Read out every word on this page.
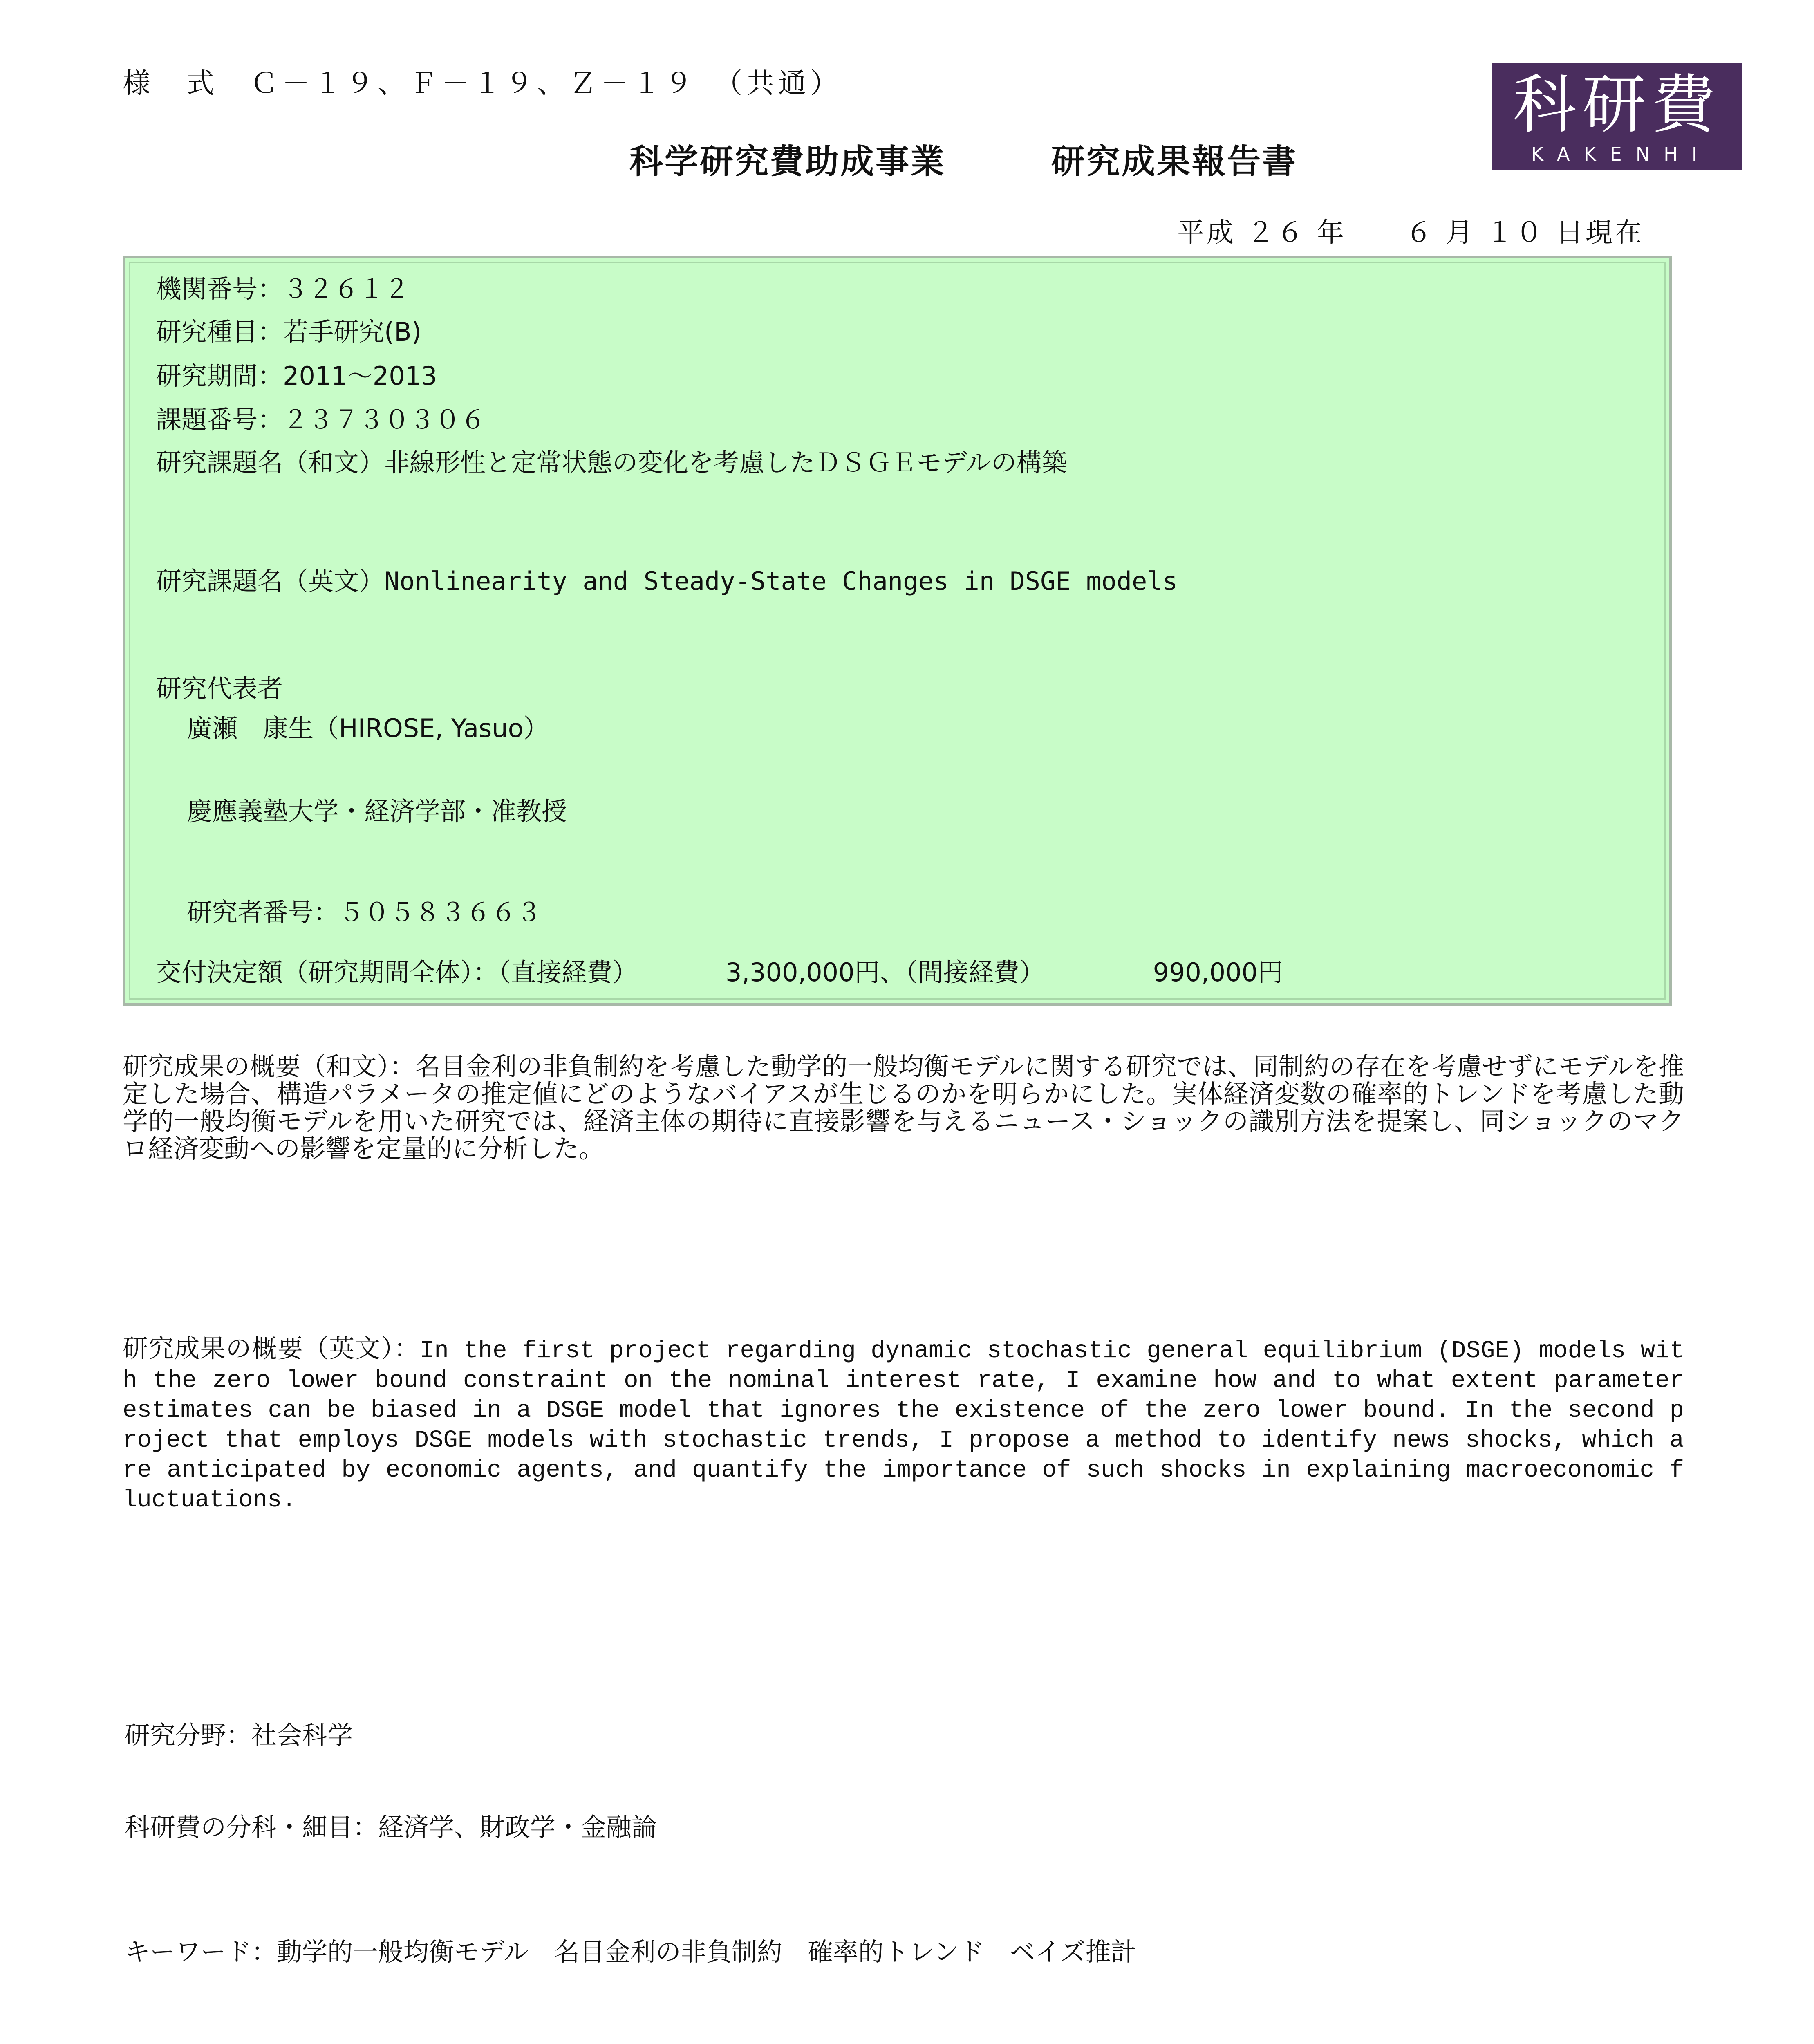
様　式　Ｃ－１９、Ｆ－１９、Ｚ－１９　（共通）
科学研究費助成事業　　　研究成果報告書
科研費
KAKENHI
平成 ２６ 年　　６ 月 １０ 日現在
機関番号：３２６１２
研究種目：若手研究(B)
研究期間：2011～2013
課題番号：２３７３０３０６
研究課題名（和文）非線形性と定常状態の変化を考慮したＤＳＧＥモデルの構築
研究課題名（英文）Nonlinearity and Steady-State Changes in DSGE models
研究代表者
廣瀬　康生（HIROSE, Yasuo）
慶應義塾大学・経済学部・准教授
研究者番号：５０５８３６６３
交付決定額（研究期間全体）：（直接経費）	3,300,000円、（間接経費）	990,000円
研究成果の概要（和文）：名目金利の非負制約を考慮した動学的一般均衡モデルに関する研究では、同制約の存在を考慮せずにモデルを推定した場合、構造パラメータの推定値にどのようなバイアスが生じるのかを明らかにした。実体経済変数の確率的トレンドを考慮した動学的一般均衡モデルを用いた研究では、経済主体の期待に直接影響を与えるニュース・ショックの識別方法を提案し、同ショックのマクロ経済変動への影響を定量的に分析した。
研究成果の概要（英文）：In the first project regarding dynamic stochastic general equilibrium (DSGE) models with the zero lower bound constraint on the nominal interest rate, I examine how and to what extent parameter estimates can be biased in a DSGE model that ignores the existence of the zero lower bound. In the second project that employs DSGE models with stochastic trends, I propose a method to identify news shocks, which are anticipated by economic agents, and quantify the importance of such shocks in explaining macroeconomic fluctuations.
研究分野：社会科学
科研費の分科・細目：経済学、財政学・金融論
キーワード：動学的一般均衡モデル　名目金利の非負制約　確率的トレンド　ベイズ推計
